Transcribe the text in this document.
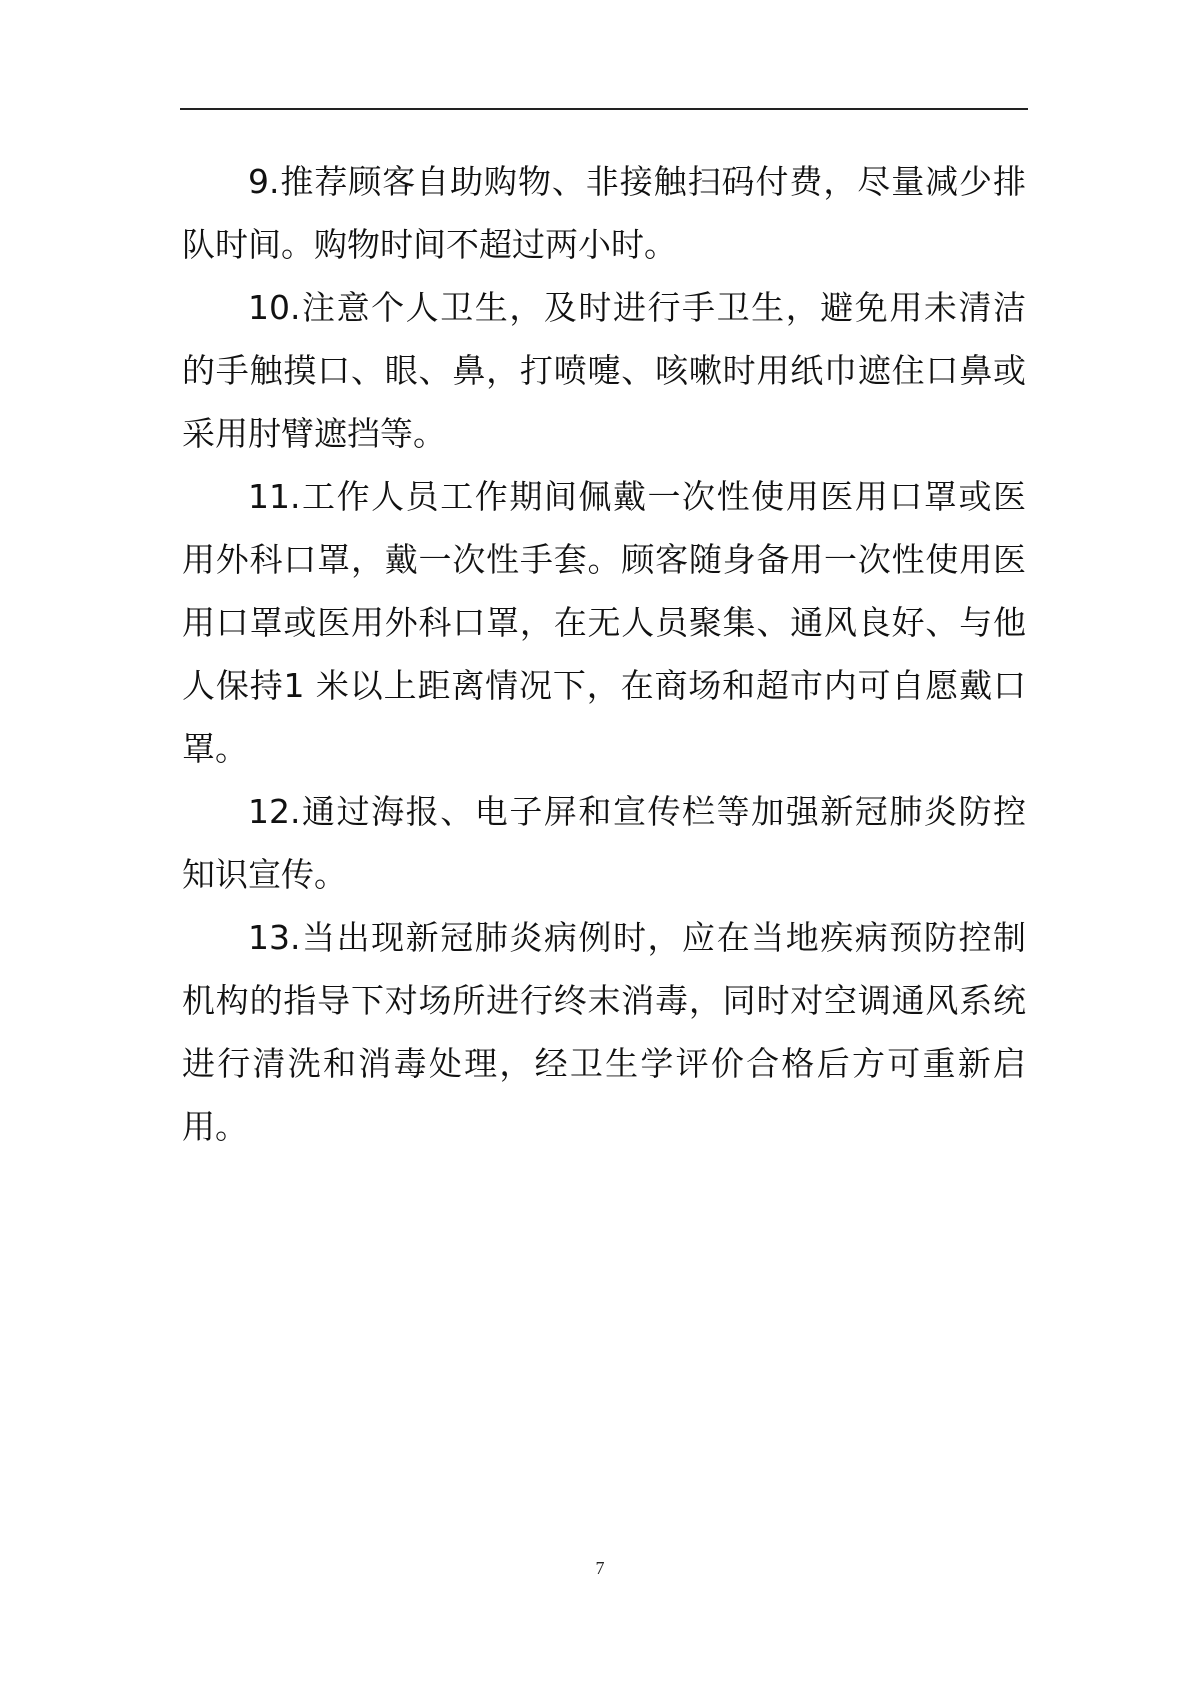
9.推荐顾客自助购物、非接触扫码付费，尽量减少排队时间。购物时间不超过两小时。

10.注意个人卫生，及时进行手卫生，避免用未清洁的手触摸口、眼、鼻，打喷嚏、咳嗽时用纸巾遮住口鼻或采用肘臂遮挡等。

11.工作人员工作期间佩戴一次性使用医用口罩或医用外科口罩，戴一次性手套。顾客随身备用一次性使用医用口罩或医用外科口罩，在无人员聚集、通风良好、与他人保持1 米以上距离情况下，在商场和超市内可自愿戴口罩。

12.通过海报、电子屏和宣传栏等加强新冠肺炎防控知识宣传。

13.当出现新冠肺炎病例时，应在当地疾病预防控制机构的指导下对场所进行终末消毒，同时对空调通风系统进行清洗和消毒处理，经卫生学评价合格后方可重新启用。

7
